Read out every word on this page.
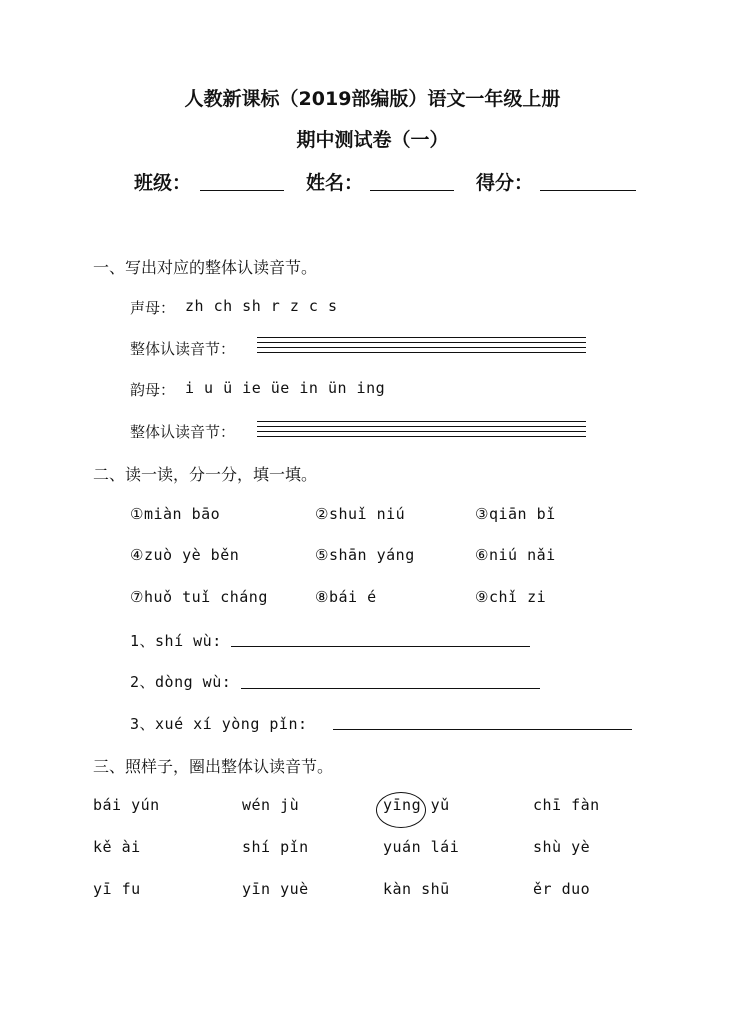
人教新课标（2019部编版）语文一年级上册
期中测试卷（一）
班级：	姓名：	得分：
一、写出对应的整体认读音节。
声母： zh ch sh r z c s
整体认读音节：
韵母： i u ü ie üe in ün ing
整体认读音节：
二、读一读，分一分，填一填。
①miàn bāo	②shuǐ niú	③qiān bǐ
④zuò yè běn	⑤shān yáng	⑥niú nǎi
⑦huǒ tuǐ cháng	⑧bái é	⑨chǐ zi
1、shí wù:
2、dòng wù:
3、xué xí yòng pǐn:
三、照样子，圈出整体认读音节。
bái yún	wén jù	yīng yǔ	chī fàn
kě ài	shí pǐn	yuán lái	shù yè
yī fu	yīn yuè	kàn shū	ěr duo
